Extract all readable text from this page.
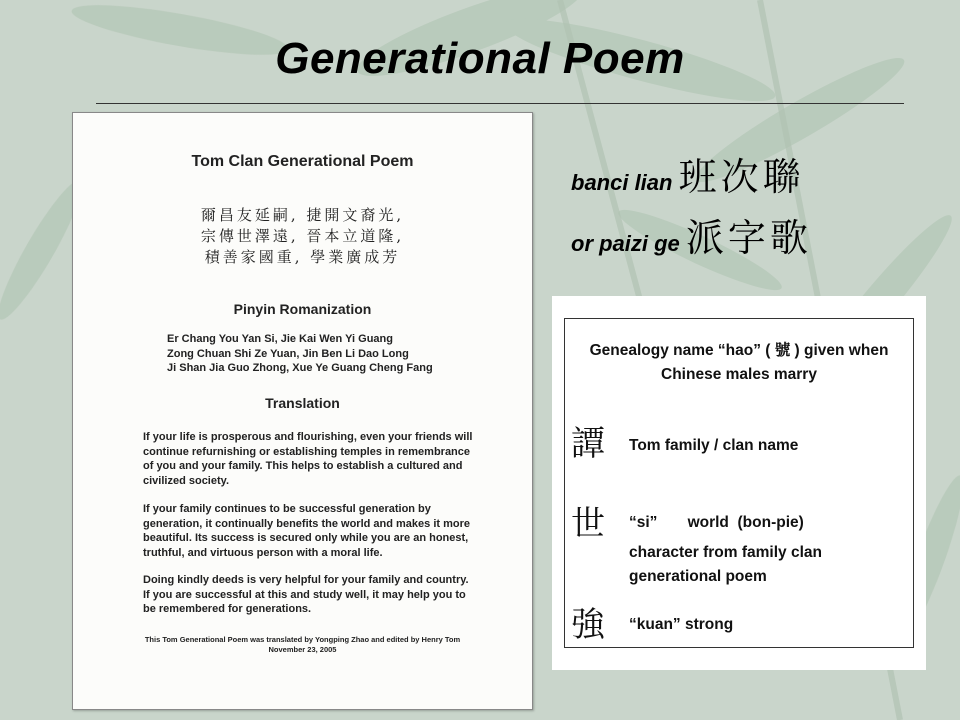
Generational Poem
Tom Clan Generational Poem
爾昌友延嗣, 捷開文裔光,
宗傳世澤遠, 晉本立道隆,
積善家國重, 學業廣成芳
Pinyin Romanization
Er Chang You Yan Si, Jie Kai Wen Yi Guang
Zong Chuan Shi Ze Yuan, Jin Ben Li Dao Long
Ji Shan Jia Guo Zhong, Xue Ye Guang Cheng Fang
Translation
If your life is prosperous and flourishing, even your friends will continue refurnishing or establishing temples in remembrance of you and your family. This helps to establish a cultured and civilized society.
If your family continues to be successful generation by generation, it continually benefits the world and makes it more beautiful. Its success is secured only while you are an honest, truthful, and virtuous person with a moral life.
Doing kindly deeds is very helpful for your family and country. If you are successful at this and study well, it may help you to be remembered for generations.
This Tom Generational Poem was translated by Yongping Zhao and edited by Henry Tom
November 23, 2005
banci lian 班次聯
or paizi ge 派字歌
Genealogy name “hao” ( 號 ) given when
Chinese males marry
譚 Tom family / clan name
世 “si”       world  (bon-pie)
character from family clan
generational poem
強 “kuan” strong
